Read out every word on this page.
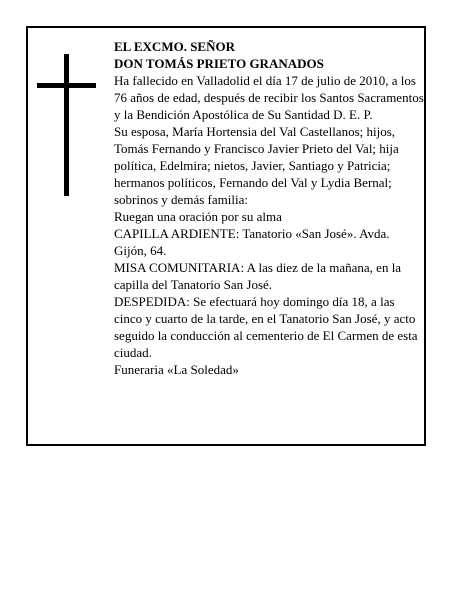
EL EXCMO. SEÑOR

DON TOMÁS PRIETO GRANADOS

Ha fallecido en Valladolid el día 17 de julio de 2010, a los 76 años de edad, después de recibir los Santos Sacramentos y la Bendición Apostólica de Su Santidad D. E. P.

Su esposa, María Hortensia del Val Castellanos; hijos, Tomás Fernando y Francisco Javier Prieto del Val; hija política, Edelmira; nietos, Javier, Santiago y Patricia; hermanos políticos, Fernando del Val y Lydia Bernal; sobrinos y demás familia:

Ruegan una oración por su alma

CAPILLA ARDIENTE: Tanatorio «San José». Avda. Gijón, 64.

MISA COMUNITARIA: A las diez de la mañana, en la capilla del Tanatorio San José.

DESPEDIDA: Se efectuará hoy domingo día 18, a las cinco y cuarto de la tarde, en el Tanatorio San José, y acto seguido la conducción al cementerio de El Carmen de esta ciudad.

Funeraria «La Soledad»
